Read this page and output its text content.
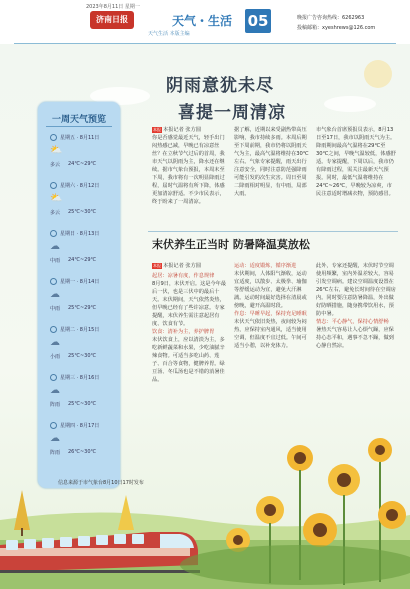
2023年8月11日 星期一
济南日报
天气生活 本版主编
天气・生活 05	晚报广告咨询热线：6262963
投稿邮箱：xyeshrews@126.com
阴雨意犹未尽
喜提一周清凉
一周天气预览
星期五 · 8月11日
⛅
多云 24℃~29℃
星期六 · 8月12日
⛅
多云 25℃~30℃
星期日 · 8月13日
☁
中雨 24℃~29℃
星期一 · 8月14日
☁
中雨 25℃~29℃
星期二 · 8月15日
☁
小雨 25℃~30℃
星期三 · 8月16日
☁
阵雨 25℃~30℃
星期四 · 8月17日
☁
阵雨 26℃~30℃
本报 本报记者 张方圆
你是否感觉最近天气，轻手出门闷热感已减，早晚已有凉意丝丝？在立秋节气过后的首周，我市天气以阴雨为主，降水还在继续。据市气象台预报，本周末至下周，我市将有一次明显降雨过程，届时气温将有所下降，体感更加清凉舒适。不少市民表示，终于盼来了一周清凉。
据了解，近期以来受副热带高压影响，我市持续多雨。本周后期至下周前期，我市仍将以阴雨天气为主，最高气温将维持在30℃左右。气象专家提醒，雨天出行注意安全，同时注意防范强降雨可能引发的次生灾害。周日至周二降雨相对明显，有中雨，局部大雨。
市气象台首席预报员表示，8月13日至17日，我市以阴雨天气为主。降雨期间最高气温将在29℃至30℃之间，早晚气温较低，体感舒适。专家提醒，下周以后，我市仍有降雨过程，需关注最新天气预报。同时，最低气温将维持在24℃~26℃，早晚较为凉爽，市民注意适时增减衣物，预防感冒。
末伏养生正当时 防暑降温莫放松
本报 本报记者 张方圆
起居：凉暑有度，作息规律
8月9日，末伏开启。这是今年最后一伏，也是三伏中的最后十天。末伏期间，天气依然炎热，但早晚已经有了些许凉意。专家提醒，末伏养生需注意起居有度、饮食有节。
饮食：清补为主，养护脾胃
末伏饮食上，应以清淡为主，多吃新鲜蔬菜和水果，少吃油腻辛辣食物。可适当多吃山药、莲子、百合等食物，健脾养胃。绿豆汤、冬瓜汤也是不错的消暑佳品。
运动：适度锻炼，循序渐进
末伏期间，人体阳气渐收，运动宜适度，以散步、太极拳、瑜伽等舒缓运动为宜，避免大汗淋漓。运动时间最好选择在清晨或傍晚，避开高温时段。
作息：早睡早起，保持充足睡眠
末伏天气依旧炎热，夜间较为闷热，应保持室内通风，适当使用空调，但温度不宜过低。午间可适当小憩，以补充体力。
此外，专家还提醒，末伏时节空调使用频繁，室内外温差较大，容易引发空调病。建议空调温度设置在26℃左右，避免长时间待在空调房内。同时要注意防暑降温，外出做好防晒措施，随身携带饮用水，预防中暑。
情志：平心静气，保持心情舒畅
暑热天气容易让人心烦气躁，应保持心态平和，遇事不急不躁，做到心静自然凉。
信息来源于市气象台8月10日17时发布
